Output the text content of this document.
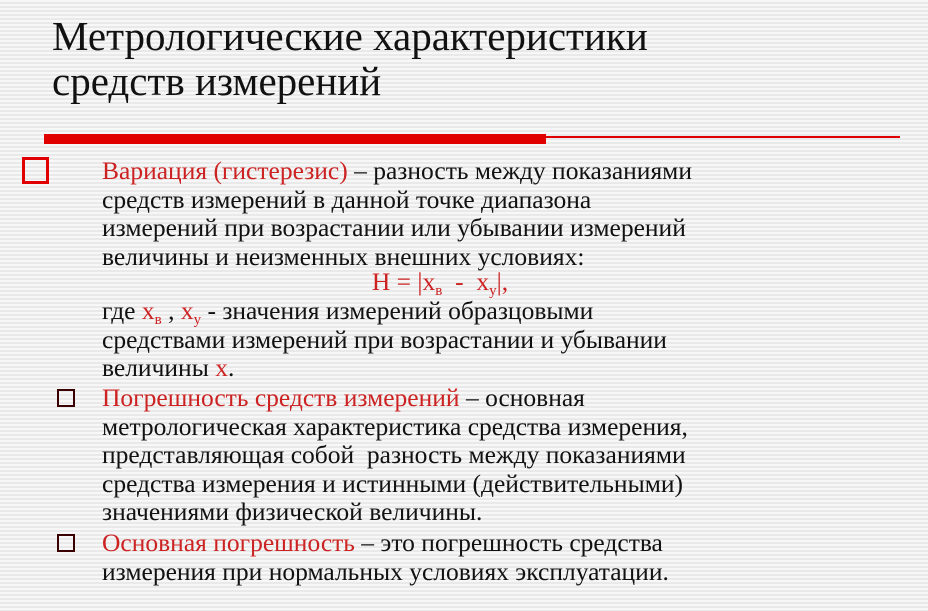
Метрологические характеристики
средств измерений
Вариация (гистерезис) – разность между показаниями
средств измерений в данной точке диапазона
измерений при возрастании или убывании измерений
величины и неизменных внешних условиях:
$H = |x_в - x_у|$,
где $x_в$ , $x_у$ - значения измерений образцовыми
средствами измерений при возрастании и убывании
величины x.
Погрешность средств измерений – основная
метрологическая характеристика средства измерения,
представляющая собой  разность между показаниями
средства измерения и истинными (действительными)
значениями физической величины.
Основная погрешность – это погрешность средства
измерения при нормальных условиях эксплуатации.
